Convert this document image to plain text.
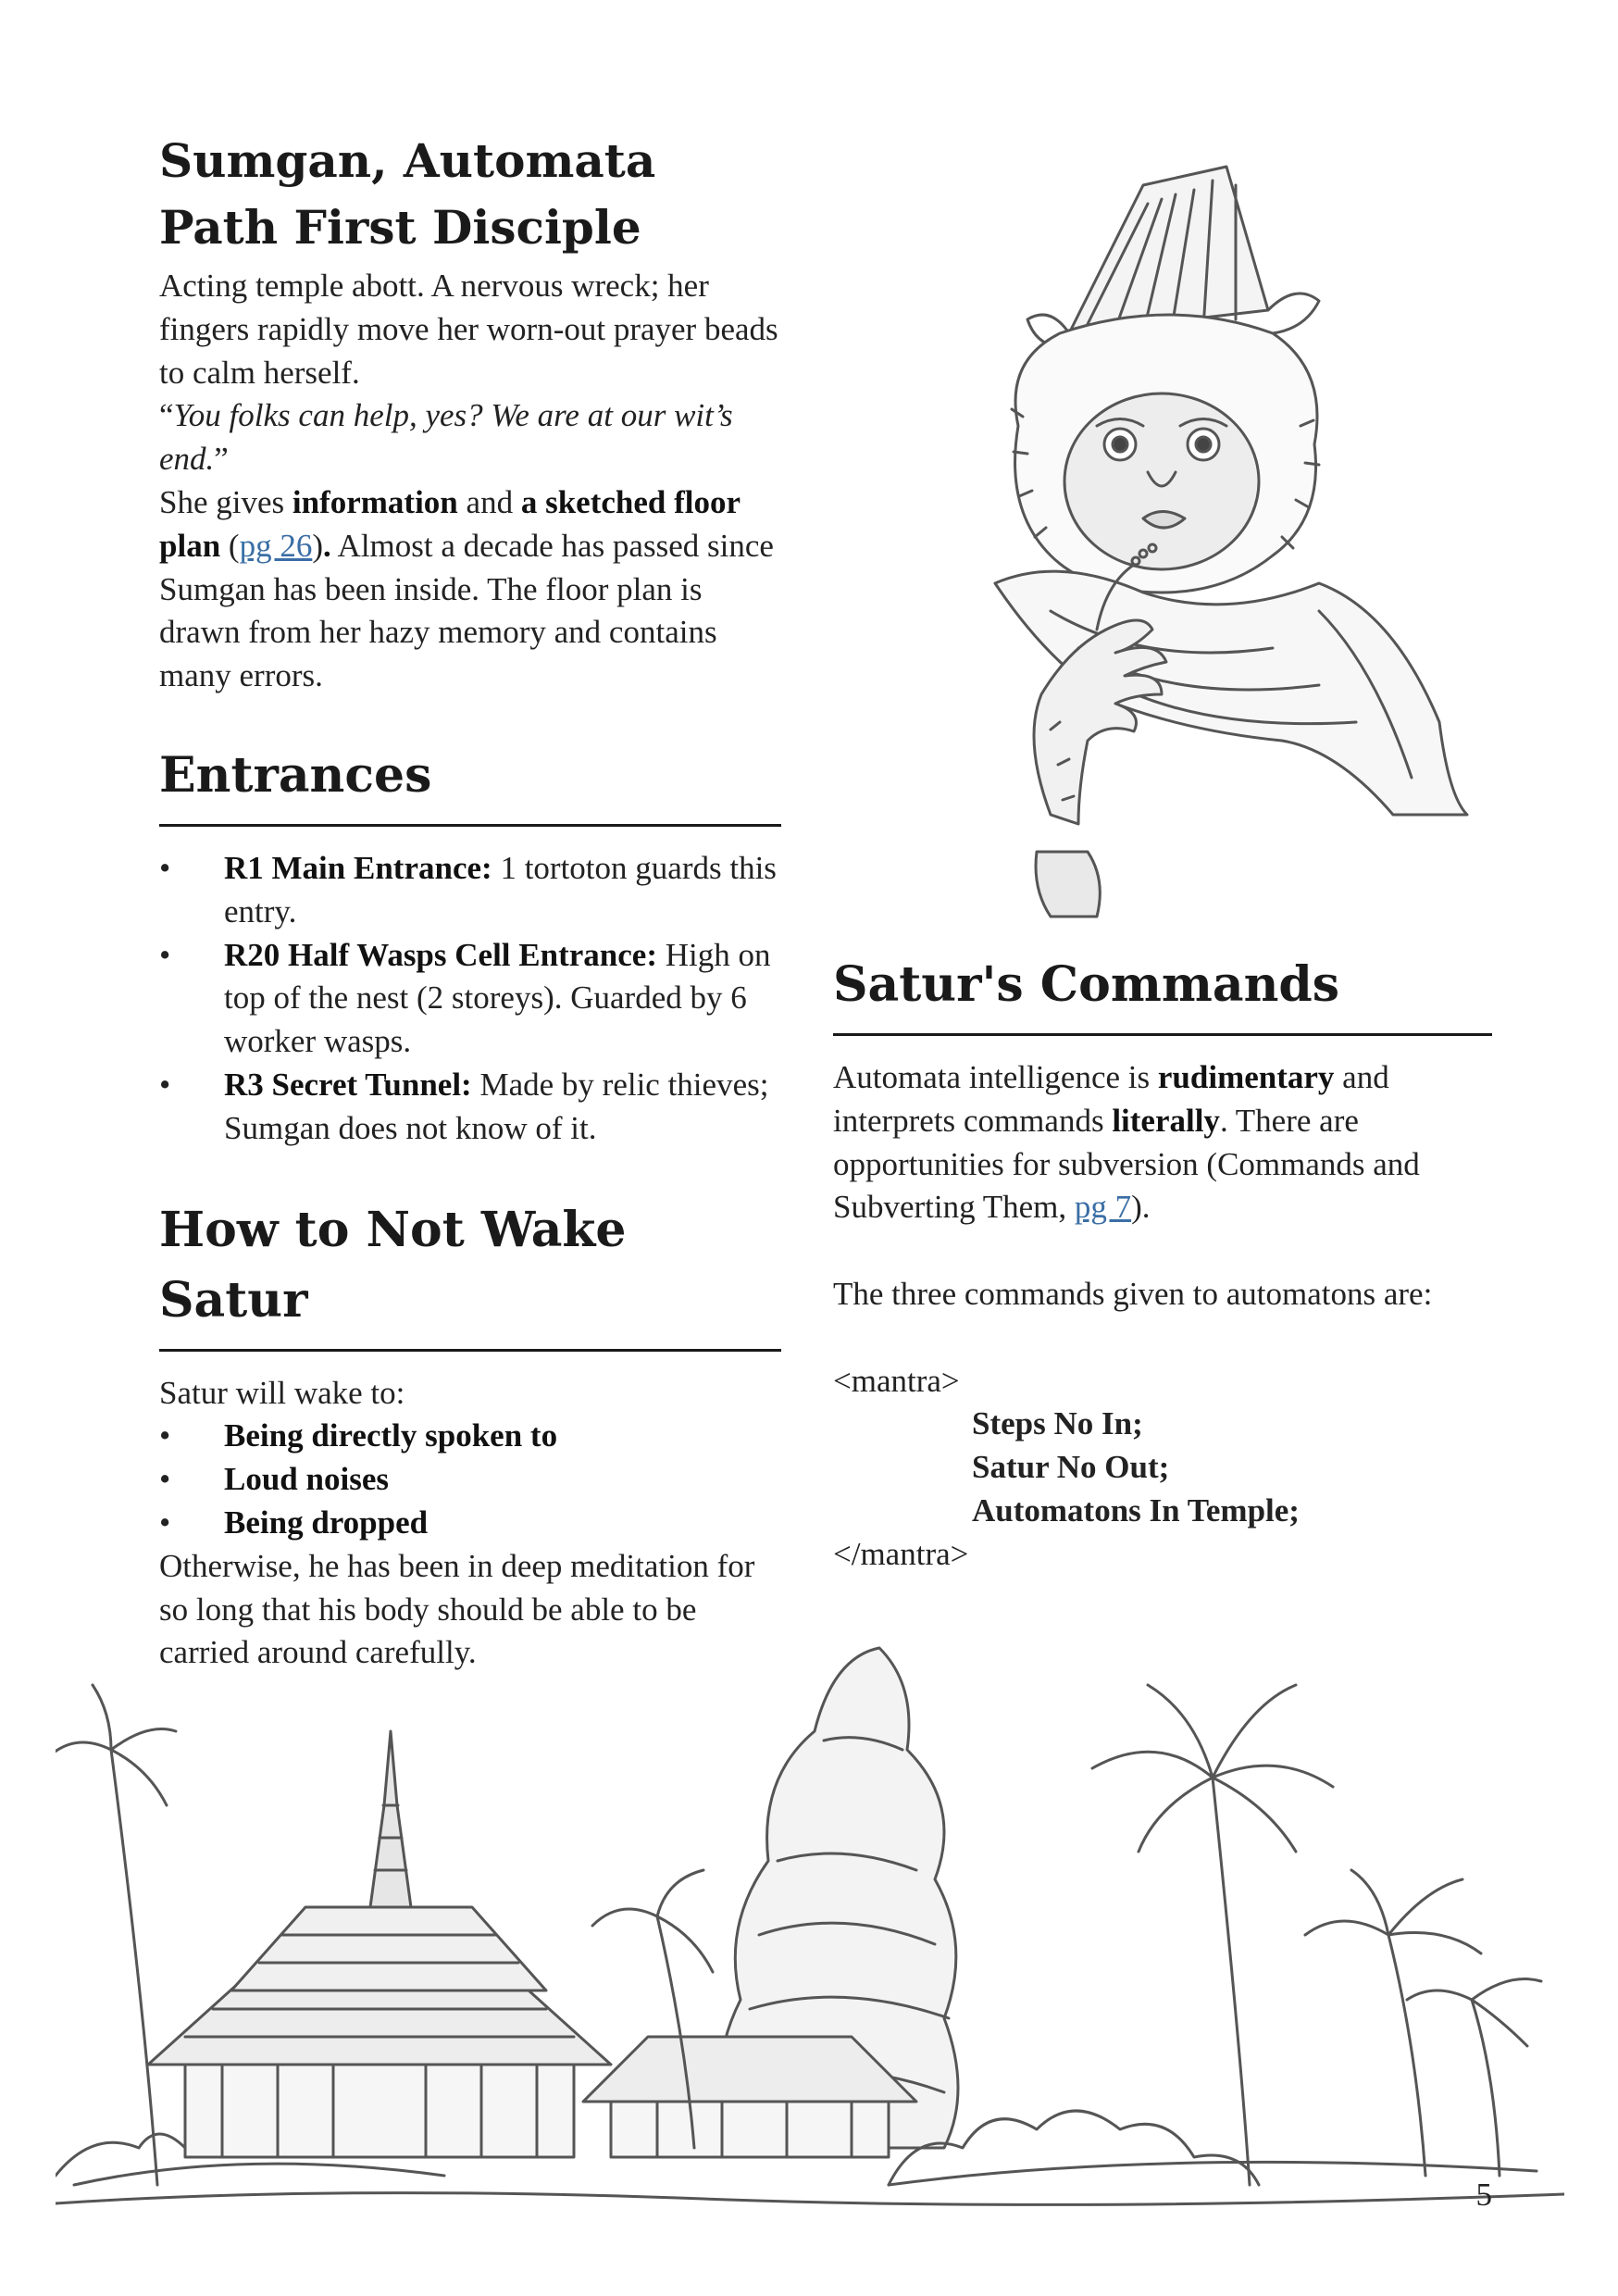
Sumgan, Automata Path First Disciple

Acting temple abott. A nervous wreck; her fingers rapidly move her worn-out prayer beads to calm herself.

“You folks can help, yes? We are at our wit’s end.”

She gives information and a sketched floor plan (pg 26). Almost a decade has passed since Sumgan has been inside. The floor plan is drawn from her hazy memory and contains many errors.

Entrances
• R1 Main Entrance: 1 tortoton guards this entry.
• R20 Half Wasps Cell Entrance: High on top of the nest (2 storeys). Guarded by 6 worker wasps.
• R3 Secret Tunnel: Made by relic thieves; Sumgan does not know of it.
How to Not Wake Satur

Satur will wake to:

• Being directly spoken to
• Loud noises
• Being dropped

Otherwise, he has been in deep meditation for so long that his body should be able to be carried around carefully.

Satur's Commands

Automata intelligence is rudimentary and interprets commands literally. There are opportunities for subversion (Commands and Subverting Them, pg 7).

The three commands given to automatons are:

<mantra>

Steps No In;

Satur No Out;

Automatons In Temple;

</mantra>

5
